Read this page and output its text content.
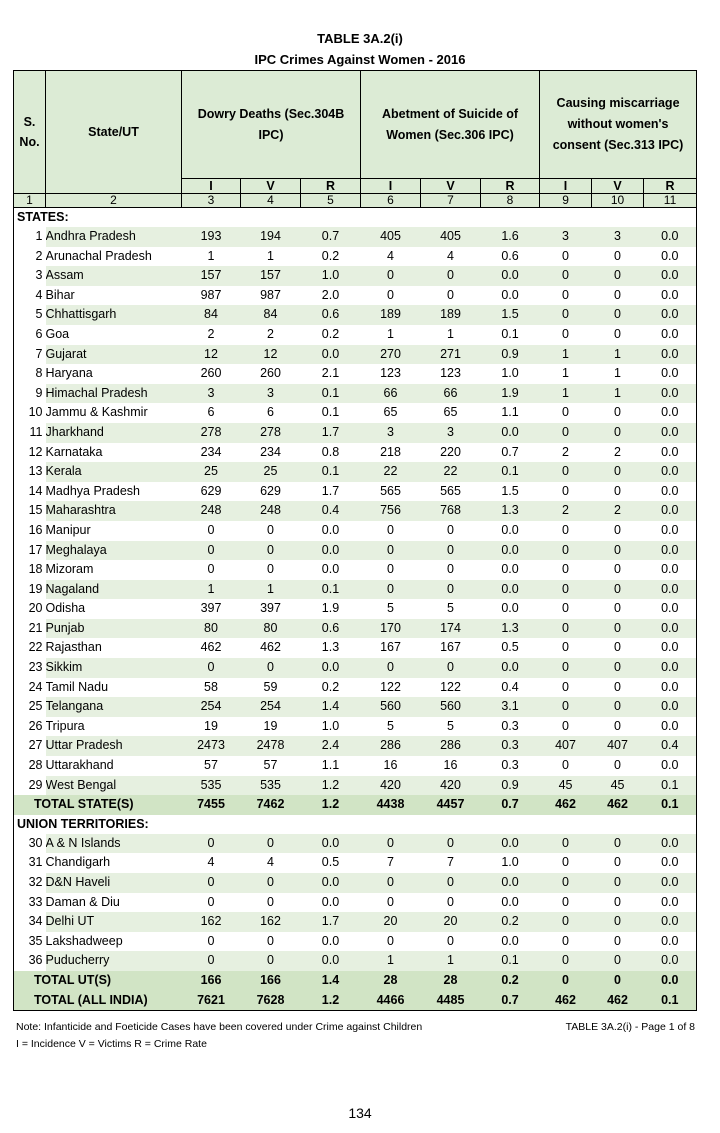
TABLE 3A.2(i)
IPC Crimes Against Women - 2016
S. No.	State/UT	Dowry Deaths (Sec.304B IPC)			Abetment of Suicide of Women (Sec.306 IPC)			Causing miscarriage without women's consent (Sec.313 IPC)		

		I	V	R	I	V	R	I	V	R
1	2	3	4	5	6	7	8	9	10	11
STATES:										
1	Andhra Pradesh	193	194	0.7	405	405	1.6	3	3	0.0
2	Arunachal Pradesh	1	1	0.2	4	4	0.6	0	0	0.0
3	Assam	157	157	1.0	0	0	0.0	0	0	0.0
4	Bihar	987	987	2.0	0	0	0.0	0	0	0.0
5	Chhattisgarh	84	84	0.6	189	189	1.5	0	0	0.0
6	Goa	2	2	0.2	1	1	0.1	0	0	0.0
7	Gujarat	12	12	0.0	270	271	0.9	1	1	0.0
8	Haryana	260	260	2.1	123	123	1.0	1	1	0.0
9	Himachal Pradesh	3	3	0.1	66	66	1.9	1	1	0.0
10	Jammu & Kashmir	6	6	0.1	65	65	1.1	0	0	0.0
11	Jharkhand	278	278	1.7	3	3	0.0	0	0	0.0
12	Karnataka	234	234	0.8	218	220	0.7	2	2	0.0
13	Kerala	25	25	0.1	22	22	0.1	0	0	0.0
14	Madhya Pradesh	629	629	1.7	565	565	1.5	0	0	0.0
15	Maharashtra	248	248	0.4	756	768	1.3	2	2	0.0
16	Manipur	0	0	0.0	0	0	0.0	0	0	0.0
17	Meghalaya	0	0	0.0	0	0	0.0	0	0	0.0
18	Mizoram	0	0	0.0	0	0	0.0	0	0	0.0
19	Nagaland	1	1	0.1	0	0	0.0	0	0	0.0
20	Odisha	397	397	1.9	5	5	0.0	0	0	0.0
21	Punjab	80	80	0.6	170	174	1.3	0	0	0.0
22	Rajasthan	462	462	1.3	167	167	0.5	0	0	0.0
23	Sikkim	0	0	0.0	0	0	0.0	0	0	0.0
24	Tamil Nadu	58	59	0.2	122	122	0.4	0	0	0.0
25	Telangana	254	254	1.4	560	560	3.1	0	0	0.0
26	Tripura	19	19	1.0	5	5	0.3	0	0	0.0
27	Uttar Pradesh	2473	2478	2.4	286	286	0.3	407	407	0.4
28	Uttarakhand	57	57	1.1	16	16	0.3	0	0	0.0
29	West Bengal	535	535	1.2	420	420	0.9	45	45	0.1
TOTAL STATE(S)		7455	7462	1.2	4438	4457	0.7	462	462	0.1
UNION TERRITORIES:										
30	A & N Islands	0	0	0.0	0	0	0.0	0	0	0.0
31	Chandigarh	4	4	0.5	7	7	1.0	0	0	0.0
32	D&N Haveli	0	0	0.0	0	0	0.0	0	0	0.0
33	Daman & Diu	0	0	0.0	0	0	0.0	0	0	0.0
34	Delhi UT	162	162	1.7	20	20	0.2	0	0	0.0
35	Lakshadweep	0	0	0.0	0	0	0.0	0	0	0.0
36	Puducherry	0	0	0.0	1	1	0.1	0	0	0.0
TOTAL UT(S)		166	166	1.4	28	28	0.2	0	0	0.0
TOTAL (ALL INDIA)		7621	7628	1.2	4466	4485	0.7	462	462	0.1
Note: Infanticide and Foeticide Cases have been covered under Crime against Children
I = Incidence V = Victims R = Crime Rate
TABLE 3A.2(i) - Page 1 of 8
134
